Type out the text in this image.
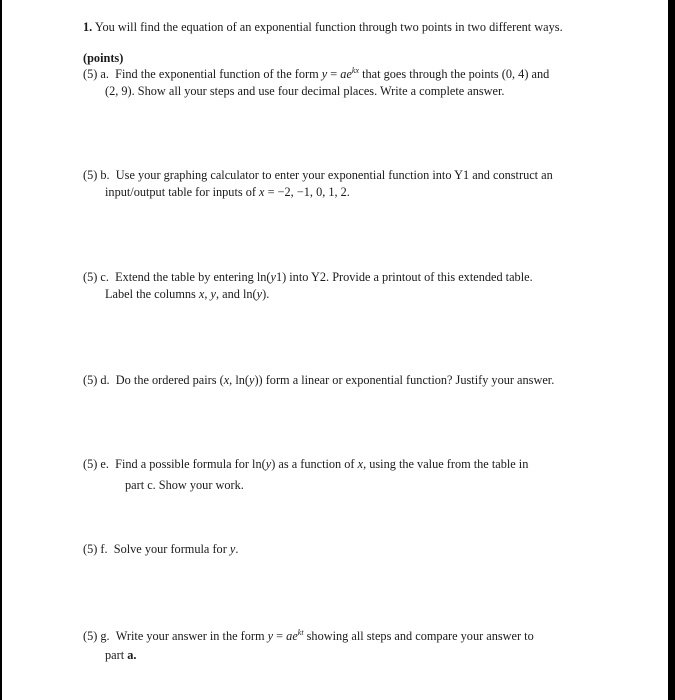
1. You will find the equation of an exponential function through two points in two different ways.
(points)
(5) a. Find the exponential function of the form $y = ae^{kx}$ that goes through the points (0, 4) and
(2, 9). Show all your steps and use four decimal places. Write a complete answer.
(5) b. Use your graphing calculator to enter your exponential function into Y1 and construct an
input/output table for inputs of x = −2, −1, 0, 1, 2.
(5) c. Extend the table by entering ln(y1) into Y2. Provide a printout of this extended table.
Label the columns x, y, and ln(y).
(5) d. Do the ordered pairs (x, ln(y)) form a linear or exponential function? Justify your answer.
(5) e. Find a possible formula for ln(y) as a function of x, using the value from the table in
part c. Show your work.
(5) f. Solve your formula for y.
(5) g. Write your answer in the form $y = ae^{kt}$ showing all steps and compare your answer to
part a.
